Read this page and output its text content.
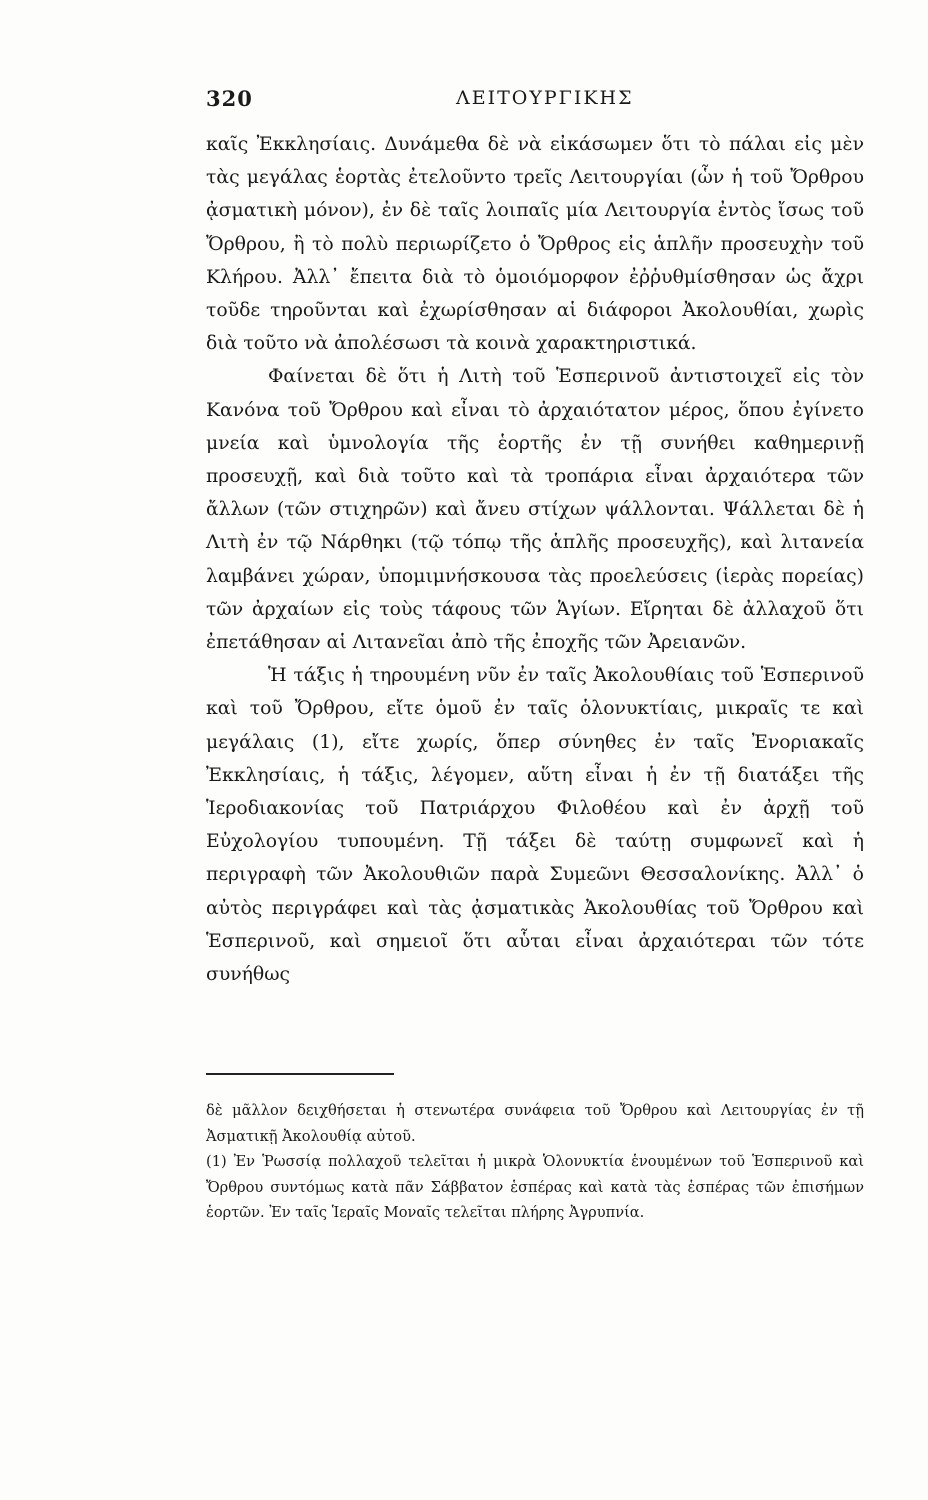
320	ΛΕΙΤΟΥΡΓΙΚΗΣ

καῖς Ἐκκλησίαις. Δυνάμεθα δὲ νὰ εἰκάσωμεν ὅτι τὸ πάλαι εἰς μὲν τὰς μεγάλας ἑορτὰς ἐτελοῦντο τρεῖς Λειτουργίαι (ὧν ἡ τοῦ Ὄρθρου ᾀσματικὴ μόνον), ἐν δὲ ταῖς λοιπαῖς μία Λειτουργία ἐντὸς ἴσως τοῦ Ὄρθρου, ἢ τὸ πολὺ περιωρίζετο ὁ Ὄρθρος εἰς ἁπλῆν προσευχὴν τοῦ Κλήρου. Ἀλλ᾽ ἔπειτα διὰ τὸ ὁμοιόμορφον ἐῤῥυθμίσθησαν ὡς ἄχρι τοῦδε τηροῦνται καὶ ἐχωρίσθησαν αἱ διάφοροι Ἀκολουθίαι, χωρὶς διὰ τοῦτο νὰ ἀπολέσωσι τὰ κοινὰ χαρακτηριστικά.

Φαίνεται δὲ ὅτι ἡ Λιτὴ τοῦ Ἑσπερινοῦ ἀντιστοιχεῖ εἰς τὸν Κανόνα τοῦ Ὄρθρου καὶ εἶναι τὸ ἀρχαιότατον μέρος, ὅπου ἐγίνετο μνεία καὶ ὑμνολογία τῆς ἑορτῆς ἐν τῇ συνήθει καθημερινῇ προσευχῇ, καὶ διὰ τοῦτο καὶ τὰ τροπάρια εἶναι ἀρχαιότερα τῶν ἄλλων (τῶν στιχηρῶν) καὶ ἄνευ στίχων ψάλλονται. Ψάλλεται δὲ ἡ Λιτὴ ἐν τῷ Νάρθηκι (τῷ τόπῳ τῆς ἁπλῆς προσευχῆς), καὶ λιτανεία λαμβάνει χώραν, ὑπομιμνήσκουσα τὰς προελεύσεις (ἱερὰς πορείας) τῶν ἀρχαίων εἰς τοὺς τάφους τῶν Ἁγίων. Εἴρηται δὲ ἀλλαχοῦ ὅτι ἐπετάθησαν αἱ Λιτανεῖαι ἀπὸ τῆς ἐποχῆς τῶν Ἀρειανῶν.

Ἡ τάξις ἡ τηρουμένη νῦν ἐν ταῖς Ἀκολουθίαις τοῦ Ἑσπερινοῦ καὶ τοῦ Ὄρθρου, εἴτε ὁμοῦ ἐν ταῖς ὁλονυκτίαις, μικραῖς τε καὶ μεγάλαις (1), εἴτε χωρίς, ὅπερ σύνηθες ἐν ταῖς Ἐνοριακαῖς Ἐκκλησίαις, ἡ τάξις, λέγομεν, αὕτη εἶναι ἡ ἐν τῇ διατάξει τῆς Ἱεροδιακονίας τοῦ Πατριάρχου Φιλοθέου καὶ ἐν ἀρχῇ τοῦ Εὐχολογίου τυπουμένη. Τῇ τάξει δὲ ταύτῃ συμφωνεῖ καὶ ἡ περιγραφὴ τῶν Ἀκολουθιῶν παρὰ Συμεῶνι Θεσσαλονίκης. Ἀλλ᾽ ὁ αὐτὸς περιγράφει καὶ τὰς ᾀσματικὰς Ἀκολουθίας τοῦ Ὄρθρου καὶ Ἑσπερινοῦ, καὶ σημειοῖ ὅτι αὗται εἶναι ἀρχαιότεραι τῶν τότε συνήθως

δὲ μᾶλλον δειχθήσεται ἡ στενωτέρα συνάφεια τοῦ Ὄρθρου καὶ Λειτουργίας ἐν τῇ Ἀσματικῇ Ἀκολουθίᾳ αὐτοῦ.

(1) Ἐν Ῥωσσίᾳ πολλαχοῦ τελεῖται ἡ μικρὰ Ὁλονυκτία ἑνουμένων τοῦ Ἑσπερινοῦ καὶ Ὄρθρου συντόμως κατὰ πᾶν Σάββατον ἑσπέρας καὶ κατὰ τὰς ἑσπέρας τῶν ἐπισήμων ἑορτῶν. Ἐν ταῖς Ἱεραῖς Μοναῖς τελεῖται πλήρης Ἀγρυπνία.
